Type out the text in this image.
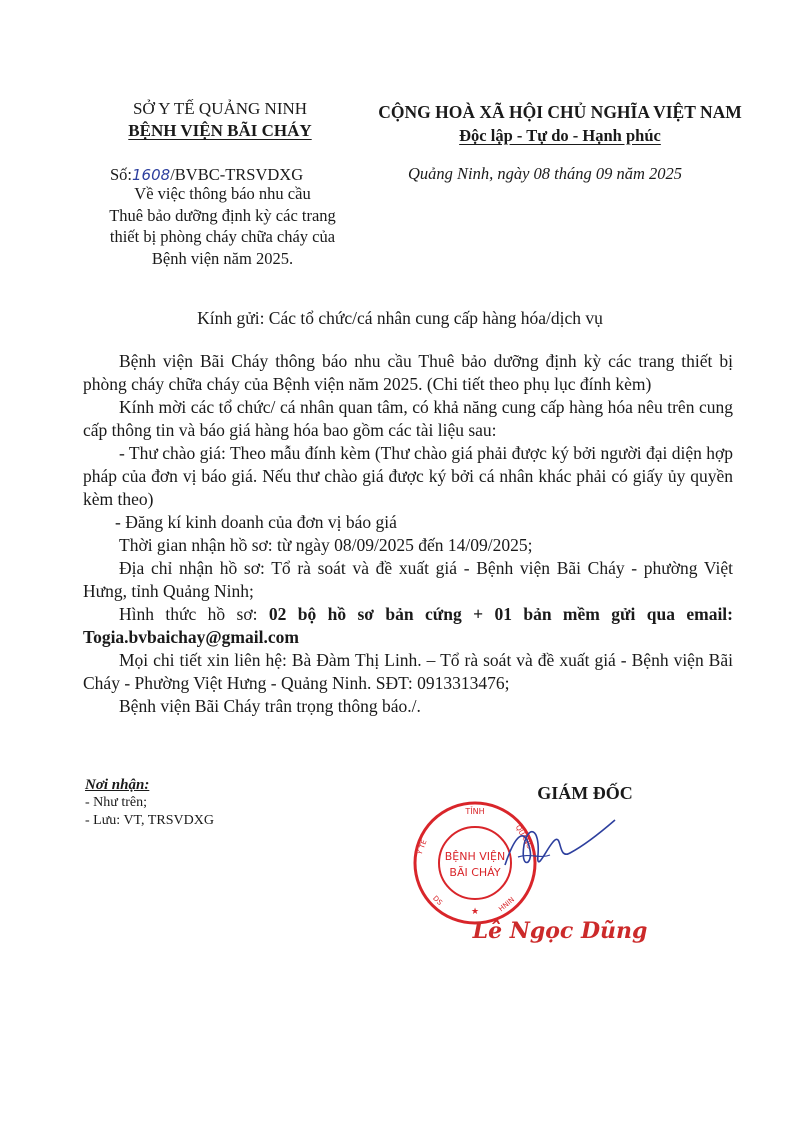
SỞ Y TẾ QUẢNG NINH
BỆNH VIỆN BÃI CHÁY
CỘNG HOÀ XÃ HỘI CHỦ NGHĨA VIỆT NAM
Độc lập - Tự do - Hạnh phúc
Số:1608/BVBC-TRSVDXG
Về việc thông báo nhu cầu
Thuê bảo dưỡng định kỳ các trang
thiết bị phòng cháy chữa cháy của
Bệnh viện năm 2025.
Quảng Ninh, ngày 08 tháng 09 năm 2025
Kính gửi: Các tổ chức/cá nhân cung cấp hàng hóa/dịch vụ

Bệnh viện Bãi Cháy thông báo nhu cầu Thuê bảo dưỡng định kỳ các trang thiết bị phòng cháy chữa cháy của Bệnh viện năm 2025. (Chi tiết theo phụ lục đính kèm)

Kính mời các tổ chức/ cá nhân quan tâm, có khả năng cung cấp hàng hóa nêu trên cung cấp thông tin và báo giá hàng hóa bao gồm các tài liệu sau:

- Thư chào giá: Theo mẫu đính kèm (Thư chào giá phải được ký bởi người đại diện hợp pháp của đơn vị báo giá. Nếu thư chào giá được ký bởi cá nhân khác phải có giấy ủy quyền kèm theo)

- Đăng kí kinh doanh của đơn vị báo giá

Thời gian nhận hồ sơ: từ ngày 08/09/2025 đến 14/09/2025;

Địa chỉ nhận hồ sơ: Tổ rà soát và đề xuất giá - Bệnh viện Bãi Cháy - phường Việt Hưng, tỉnh Quảng Ninh;

Hình thức hồ sơ: 02 bộ hồ sơ bản cứng + 01 bản mềm gửi qua email: Togia.bvbaichay@gmail.com

Mọi chi tiết xin liên hệ: Bà Đàm Thị Linh. – Tổ rà soát và đề xuất giá - Bệnh viện Bãi Cháy - Phường Việt Hưng - Quảng Ninh. SĐT: 0913313476;

Bệnh viện Bãi Cháy trân trọng thông báo./.

Nơi nhận:
- Như trên;
- Lưu: VT, TRSVDXG
GIÁM ĐỐC
BỆNH VIỆN
BÃI CHÁY
TỈNH
Y TẾ	QUẢNG
DS	HNIN
★
Lê Ngọc Dũng
